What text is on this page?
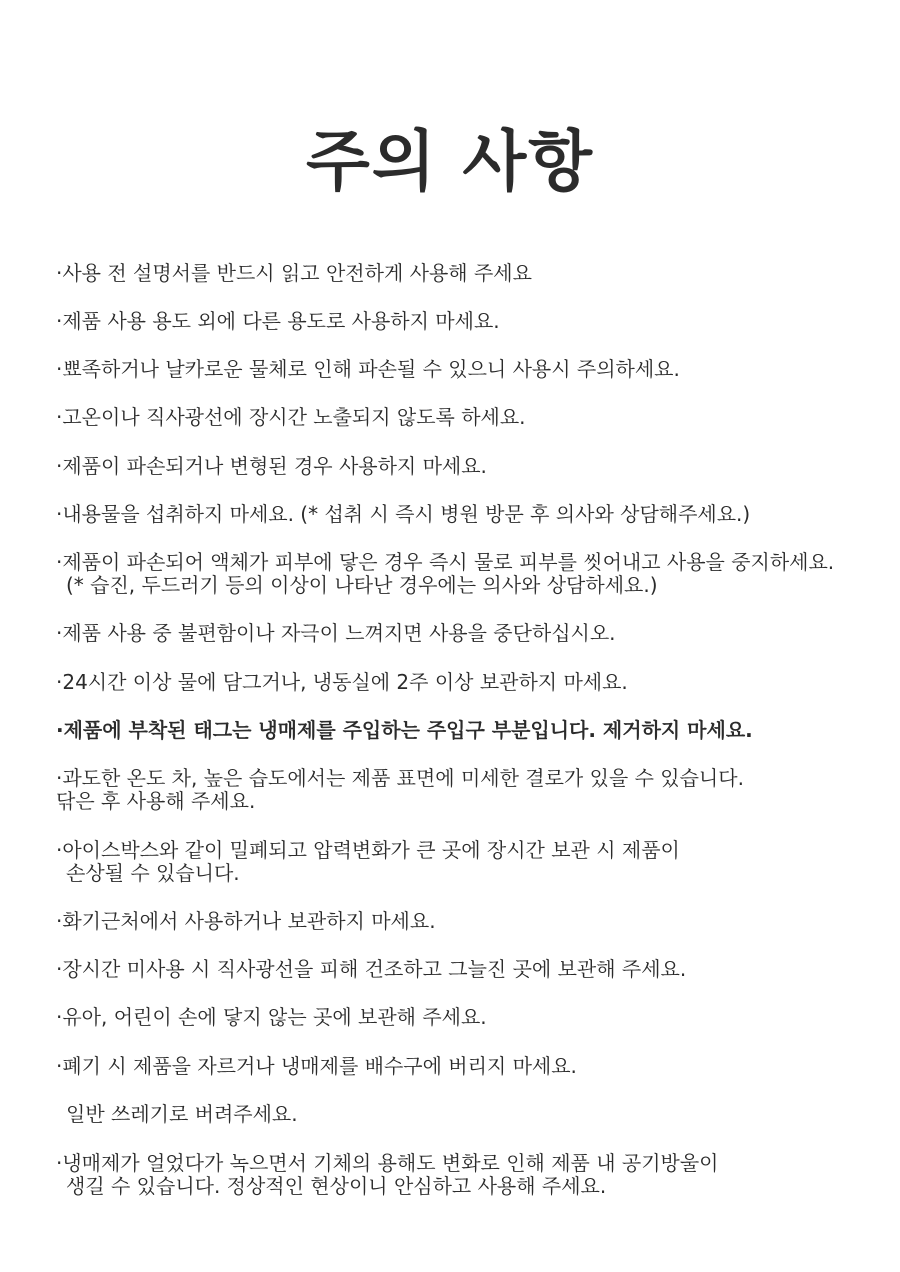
주의 사항
·사용 전 설명서를 반드시 읽고 안전하게 사용해 주세요
·제품 사용 용도 외에 다른 용도로 사용하지 마세요.
·뾰족하거나 날카로운 물체로 인해 파손될 수 있으니 사용시 주의하세요.
·고온이나 직사광선에 장시간 노출되지 않도록 하세요.
·제품이 파손되거나 변형된 경우 사용하지 마세요.
·내용물을 섭취하지 마세요. (* 섭취 시 즉시 병원 방문 후 의사와 상담해주세요.)
·제품이 파손되어 액체가 피부에 닿은 경우 즉시 물로 피부를 씻어내고 사용을 중지하세요.
(* 습진, 두드러기 등의 이상이 나타난 경우에는 의사와 상담하세요.)
·제품 사용 중 불편함이나 자극이 느껴지면 사용을 중단하십시오.
·24시간 이상 물에 담그거나, 냉동실에 2주 이상 보관하지 마세요.
·제품에 부착된 태그는 냉매제를 주입하는 주입구 부분입니다. 제거하지 마세요.
·과도한 온도 차, 높은 습도에서는 제품 표면에 미세한 결로가 있을 수 있습니다.
닦은 후 사용해 주세요.
·아이스박스와 같이 밀폐되고 압력변화가 큰 곳에 장시간 보관 시 제품이
손상될 수 있습니다.
·화기근처에서 사용하거나 보관하지 마세요.
·장시간 미사용 시 직사광선을 피해 건조하고 그늘진 곳에 보관해 주세요.
·유아, 어린이 손에 닿지 않는 곳에 보관해 주세요.
·폐기 시 제품을 자르거나 냉매제를 배수구에 버리지 마세요.
일반 쓰레기로 버려주세요.
·냉매제가 얼었다가 녹으면서 기체의 용해도 변화로 인해 제품 내 공기방울이
생길 수 있습니다. 정상적인 현상이니 안심하고 사용해 주세요.
